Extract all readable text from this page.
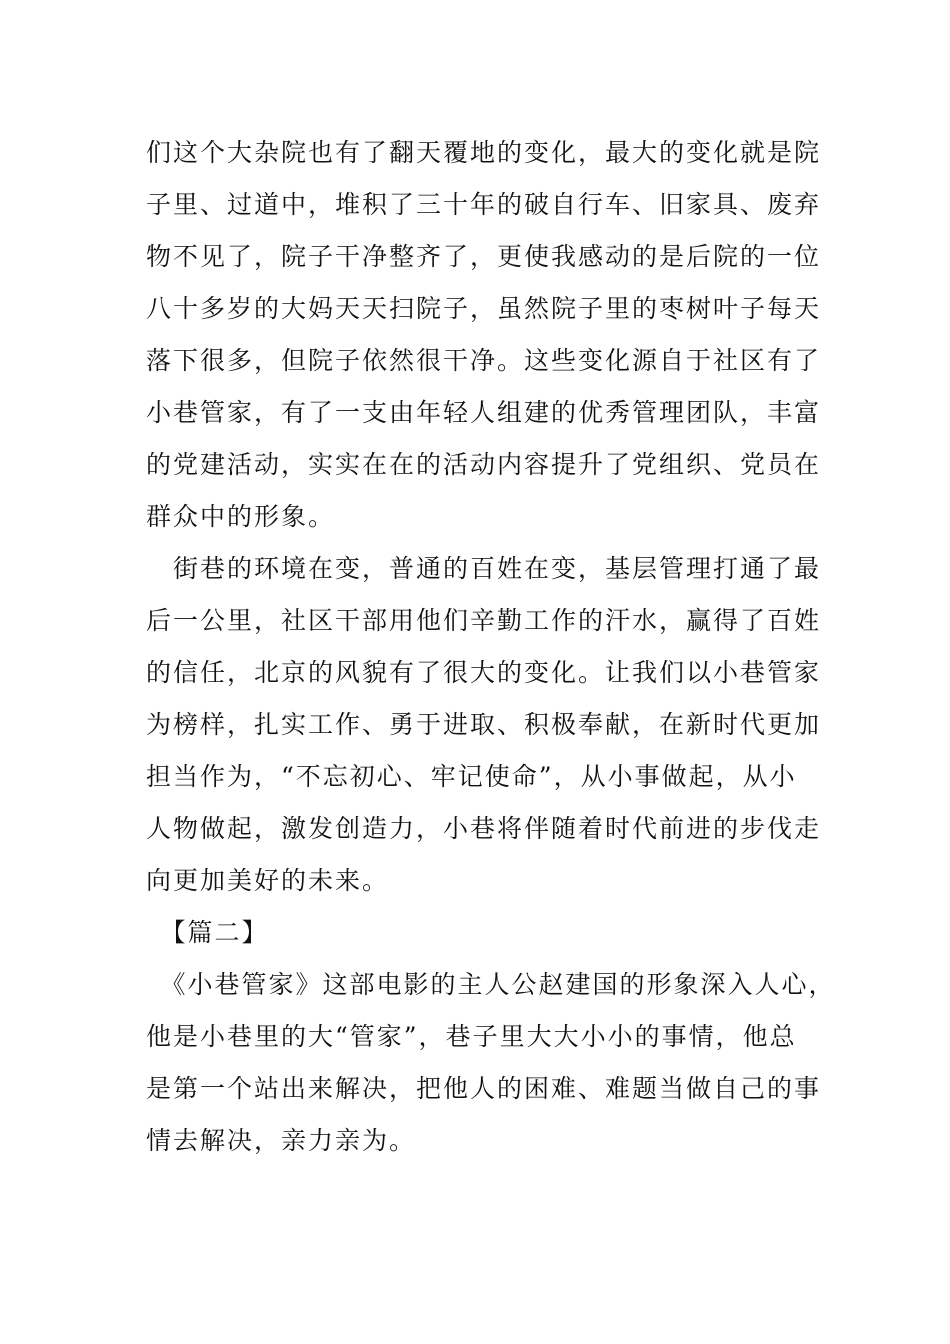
们这个大杂院也有了翻天覆地的变化，最大的变化就是院
子里、过道中，堆积了三十年的破自行车、旧家具、废弃
物不见了，院子干净整齐了，更使我感动的是后院的一位
八十多岁的大妈天天扫院子，虽然院子里的枣树叶子每天
落下很多，但院子依然很干净。这些变化源自于社区有了
小巷管家，有了一支由年轻人组建的优秀管理团队，丰富
的党建活动，实实在在的活动内容提升了党组织、党员在
群众中的形象。
　街巷的环境在变，普通的百姓在变，基层管理打通了最
后一公里，社区干部用他们辛勤工作的汗水，赢得了百姓
的信任，北京的风貌有了很大的变化。让我们以小巷管家
为榜样，扎实工作、勇于进取、积极奉献，在新时代更加
担当作为，“不忘初心、牢记使命”，从小事做起，从小
人物做起，激发创造力，小巷将伴随着时代前进的步伐走
向更加美好的未来。
　【篇二】
　《小巷管家》这部电影的主人公赵建国的形象深入人心，
他是小巷里的大“管家”，巷子里大大小小的事情，他总
是第一个站出来解决，把他人的困难、难题当做自己的事
情去解决，亲力亲为。
